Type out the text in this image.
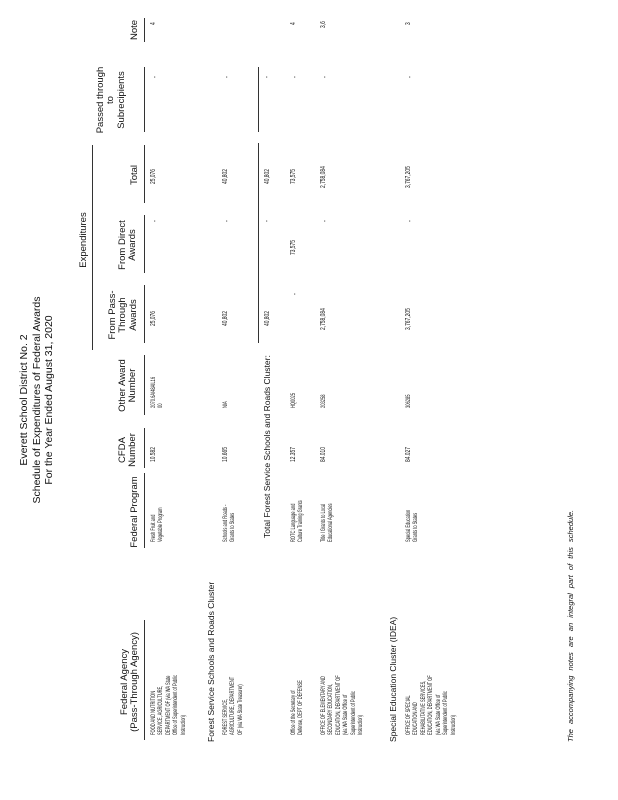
Everett School District No. 2 Schedule of Expenditures of Federal Awards For the Year Ended August 31, 2020
Expenditures
Federal Agency (Pass-Through Agency)
Federal Program
CFDA Number
Other Award Number
From Pass- Through Awards
From Direct Awards
Total
Passed through to Subrecipients
Note
FOOD AND NUTRITION SERVICE, AGRICULTURE, DEPARTMENT OF (via WA State Office of Superintendent of Public Instruction)
Fresh Fruit and Vegetable Program
10.582
2070.6A/48AIL16 00
25,076
-
25,076
-
4
Forest Service Schools and Roads Cluster FOREST SERVICE, AGRICULTURE, DEPARTMENT OF (via WA State Treasurer)
Schools and Roads - Grants to States
10.665
N/A
40,802
-
40,802
-
Total Forest Service Schools and Roads Cluster:
40,802
-
40,802
-
Office of the Secretary of Defense, DEPT OF DEFENSE
ROTC Language and Culture Training Grants
12.357
HQ0025
-
73,575
73,575
-
4
OFFICE OF ELEMENTARY AND SECONDARY EDUCATION, EDUCATION, DEPARTMENT OF (via WA State Office of Superintendent of Public Instruction)
Title I Grants to Local Educational Agencies
84.010
203258
2,758,084
-
2,758,084
-
3,6
Special Education Cluster (IDEA) OFFICE OF SPECIAL EDUCATION AND REHABILITATIVE SERVICES, EDUCATION, DEPARTMENT OF (via WA State Office of Superintendent of Public Instruction)
Special Education Grants to States
84.027
306285
3,767,205
-
3,767,205
-
3
The accompanying notes are an integral part of this schedule.
